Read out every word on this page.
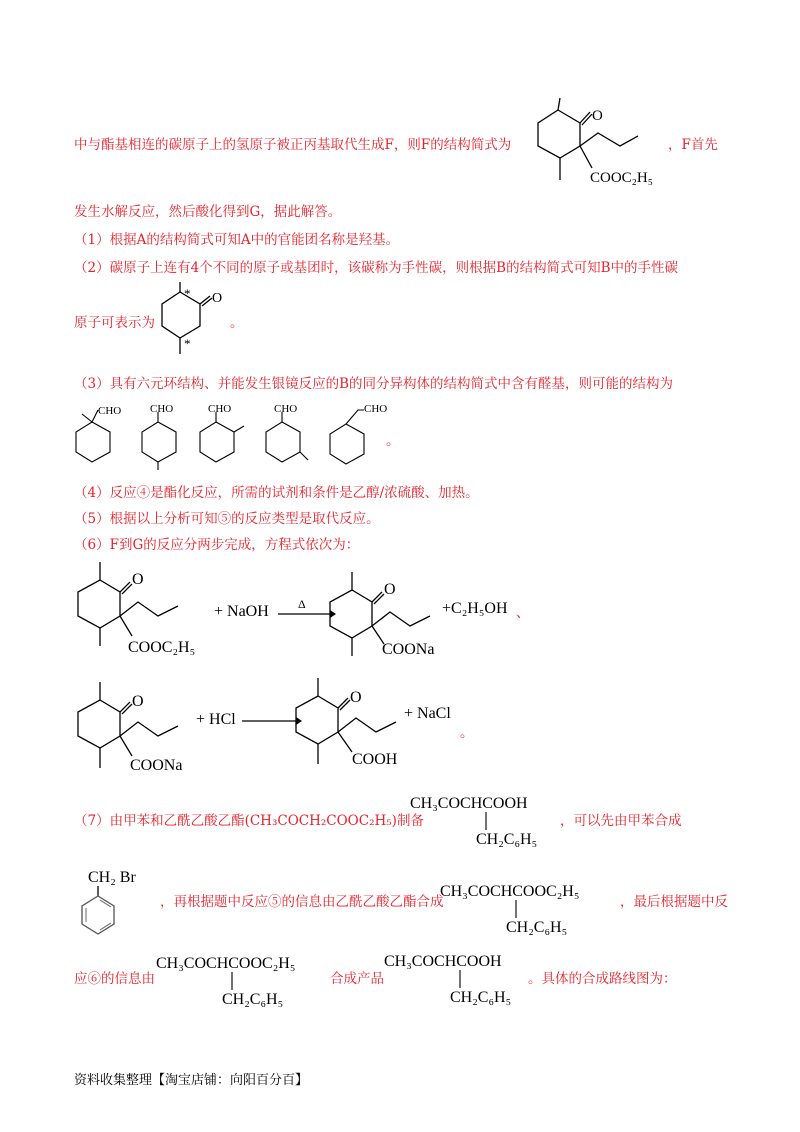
中与酯基相连的碳原子上的氢原子被正丙基取代生成F，则F的结构简式为
O
COOC₂H₅
，F首先
发生水解反应，然后酸化得到G，据此解答。
（1）根据A的结构简式可知A中的官能团名称是羟基。
（2）碳原子上连有4个不同的原子或基团时，该碳称为手性碳，则根据B的结构简式可知B中的手性碳
原子可表示为
O
*
*
。
（3）具有六元环结构、并能发生银镜反应的B的同分异构体的结构简式中含有醛基，则可能的结构为
CHO	CHO	CHO	CHO	CHO
。
（4）反应④是酯化反应，所需的试剂和条件是乙醇/浓硫酸、加热。
（5）根据以上分析可知⑤的反应类型是取代反应。
（6）F到G的反应分两步完成，方程式依次为：
O
COOC₂H₅
+ NaOH Δ
O
COONa
+C₂H₅OH 、
O
COONa
+ HCl →
O
COOH
+ NaCl
。
（7）由甲苯和乙酰乙酸乙酯(CH₃COCH₂COOC₂H₅)制备
CH₃COCHCOOH
CH₂C₆H₅
，可以先由甲苯合成
CH₂ Br
，再根据题中反应⑤的信息由乙酰乙酸乙酯合成
CH₃COCHCOOC₂H₅
CH₂C₆H₅
，最后根据题中反
应⑥的信息由
CH₃COCHCOOC₂H₅
CH₂C₆H₅
合成产品
CH₃COCHCOOH
CH₂C₆H₅
。具体的合成路线图为：
资料收集整理【淘宝店铺：向阳百分百】
